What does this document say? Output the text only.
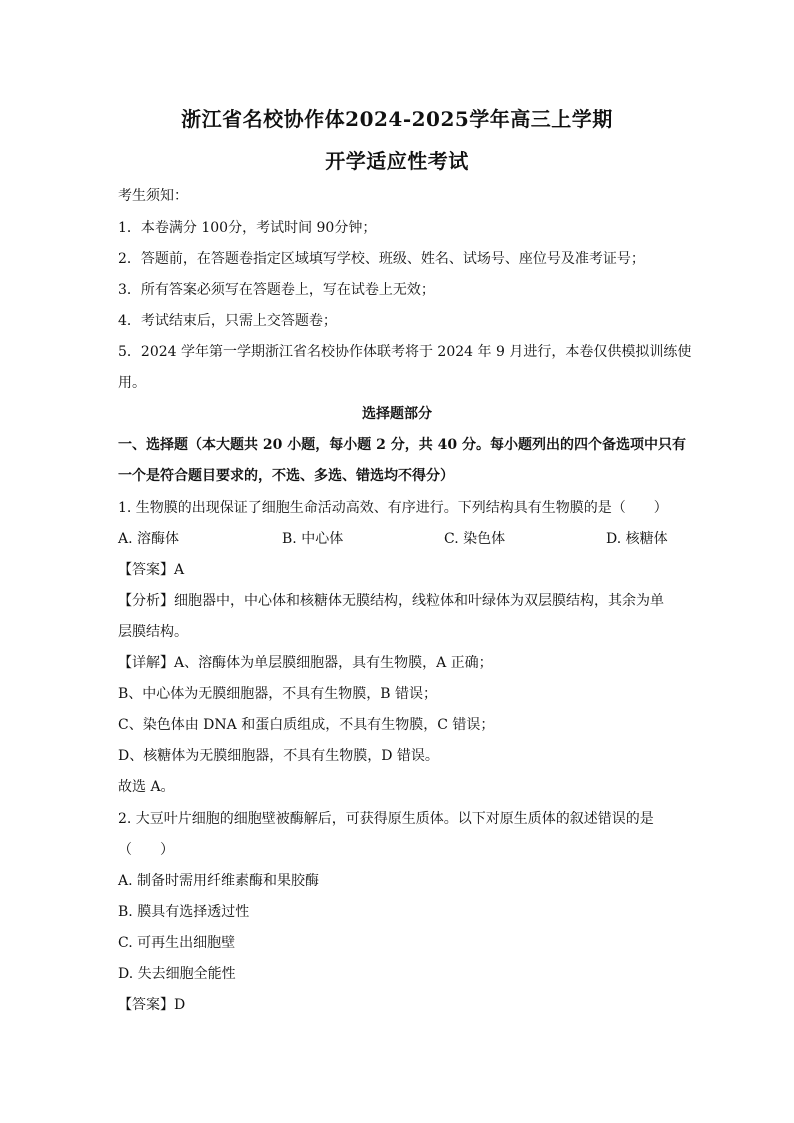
浙江省名校协作体2024-2025学年高三上学期
开学适应性考试
考生须知：
1．本卷满分 100分，考试时间 90分钟；
2．答题前，在答题卷指定区域填写学校、班级、姓名、试场号、座位号及准考证号；
3．所有答案必须写在答题卷上，写在试卷上无效；
4．考试结束后，只需上交答题卷；
5．2024 学年第一学期浙江省名校协作体联考将于 2024 年 9 月进行，本卷仅供模拟训练使
用。
选择题部分
一、选择题（本大题共 20 小题，每小题 2 分，共 40 分。每小题列出的四个备选项中只有
一个是符合题目要求的，不选、多选、错选均不得分）
1. 生物膜的出现保证了细胞生命活动高效、有序进行。下列结构具有生物膜的是（　　）
A. 溶酶体	B. 中心体	C. 染色体	D. 核糖体
【答案】A
【分析】细胞器中，中心体和核糖体无膜结构，线粒体和叶绿体为双层膜结构，其余为单
层膜结构。
【详解】A、溶酶体为单层膜细胞器，具有生物膜，A 正确；
B、中心体为无膜细胞器，不具有生物膜，B 错误；
C、染色体由 DNA 和蛋白质组成，不具有生物膜，C 错误；
D、核糖体为无膜细胞器，不具有生物膜，D 错误。
故选 A。
2. 大豆叶片细胞的细胞壁被酶解后，可获得原生质体。以下对原生质体的叙述错误的是
（　　）
A. 制备时需用纤维素酶和果胶酶
B. 膜具有选择透过性
C. 可再生出细胞壁
D. 失去细胞全能性
【答案】D
